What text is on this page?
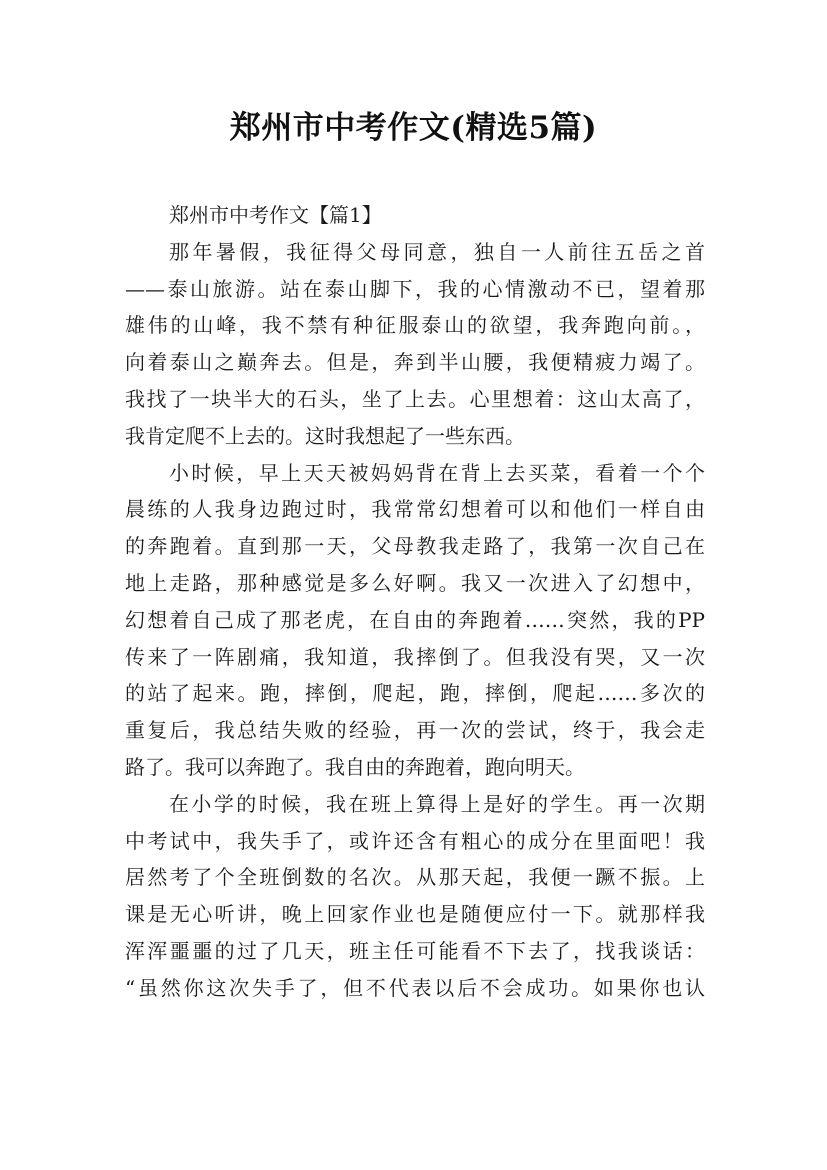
郑州市中考作文(精选5篇)
郑州市中考作文【篇1】
那年暑假，我征得父母同意，独自一人前往五岳之首
——泰山旅游。站在泰山脚下，我的心情激动不已，望着那
雄伟的山峰，我不禁有种征服泰山的欲望，我奔跑向前。，
向着泰山之巅奔去。但是，奔到半山腰，我便精疲力竭了。
我找了一块半大的石头，坐了上去。心里想着：这山太高了，
我肯定爬不上去的。这时我想起了一些东西。
小时候，早上天天被妈妈背在背上去买菜，看着一个个
晨练的人我身边跑过时，我常常幻想着可以和他们一样自由
的奔跑着。直到那一天，父母教我走路了，我第一次自己在
地上走路，那种感觉是多么好啊。我又一次进入了幻想中，
幻想着自己成了那老虎，在自由的奔跑着……突然，我的PP
传来了一阵剧痛，我知道，我摔倒了。但我没有哭，又一次
的站了起来。跑，摔倒，爬起，跑，摔倒，爬起……多次的
重复后，我总结失败的经验，再一次的尝试，终于，我会走
路了。我可以奔跑了。我自由的奔跑着，跑向明天。
在小学的时候，我在班上算得上是好的学生。再一次期
中考试中，我失手了，或许还含有粗心的成分在里面吧！我
居然考了个全班倒数的名次。从那天起，我便一蹶不振。上
课是无心听讲，晚上回家作业也是随便应付一下。就那样我
浑浑噩噩的过了几天，班主任可能看不下去了，找我谈话：
“虽然你这次失手了，但不代表以后不会成功。如果你也认
